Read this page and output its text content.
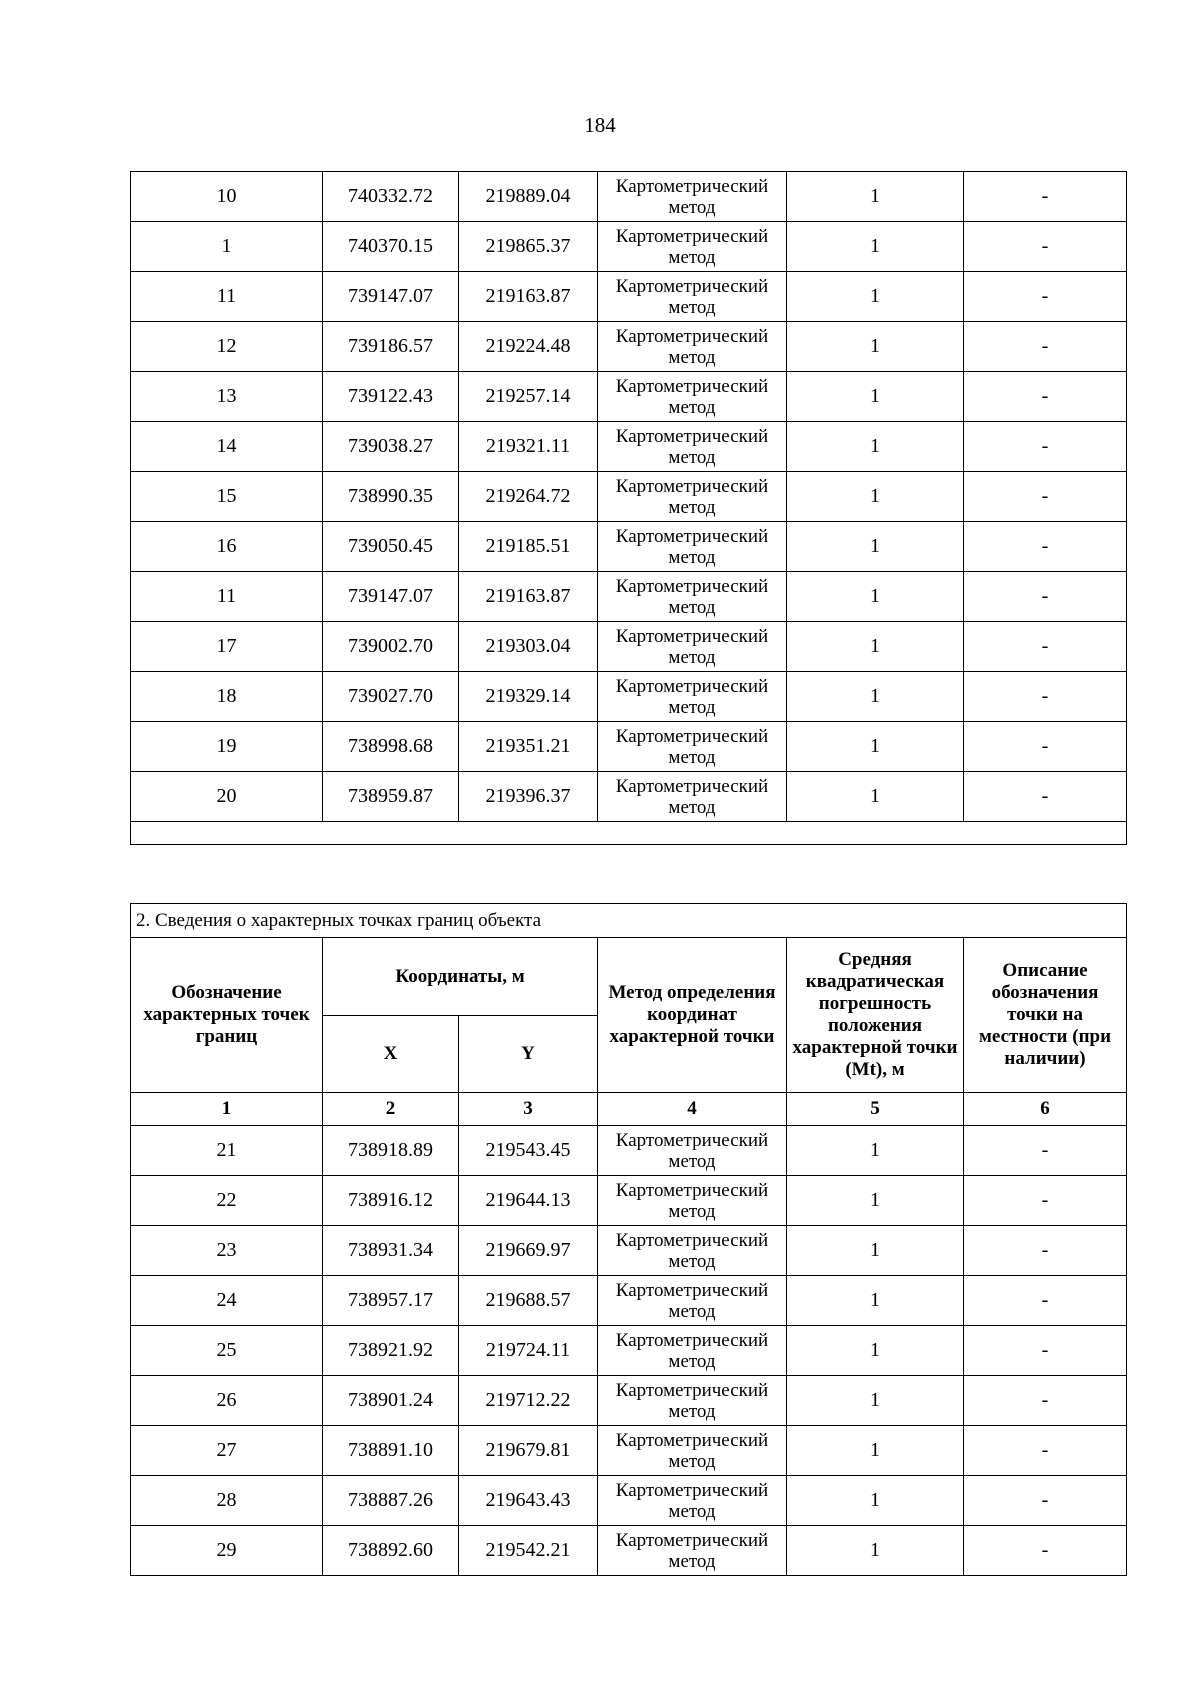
184
10	740332.72	219889.04	Картометрический метод	1	-
1	740370.15	219865.37	Картометрический метод	1	-
11	739147.07	219163.87	Картометрический метод	1	-
12	739186.57	219224.48	Картометрический метод	1	-
13	739122.43	219257.14	Картометрический метод	1	-
14	739038.27	219321.11	Картометрический метод	1	-
15	738990.35	219264.72	Картометрический метод	1	-
16	739050.45	219185.51	Картометрический метод	1	-
11	739147.07	219163.87	Картометрический метод	1	-
17	739002.70	219303.04	Картометрический метод	1	-
18	739027.70	219329.14	Картометрический метод	1	-
19	738998.68	219351.21	Картометрический метод	1	-
20	738959.87	219396.37	Картометрический метод	1	-

2. Сведения о характерных точках границ объекта					
Обозначение характерных точек границ	Координаты, м		Метод определения координат характерной точки	Средняя квадратическая погрешность положения характерной точки (Mt), м	Описание обозначения точки на местности (при наличии)
	X	Y			
1	2	3	4	5	6
21	738918.89	219543.45	Картометрический метод	1	-
22	738916.12	219644.13	Картометрический метод	1	-
23	738931.34	219669.97	Картометрический метод	1	-
24	738957.17	219688.57	Картометрический метод	1	-
25	738921.92	219724.11	Картометрический метод	1	-
26	738901.24	219712.22	Картометрический метод	1	-
27	738891.10	219679.81	Картометрический метод	1	-
28	738887.26	219643.43	Картометрический метод	1	-
29	738892.60	219542.21	Картометрический метод	1	-
